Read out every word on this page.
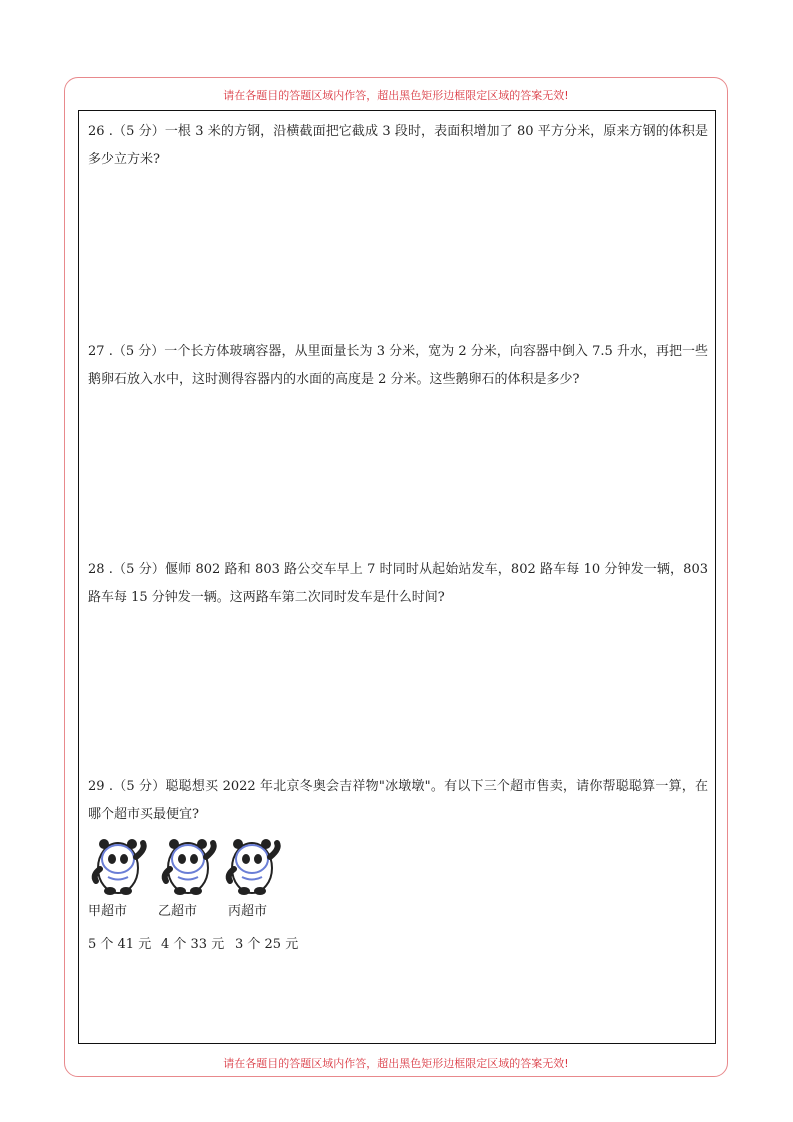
请在各题目的答题区域内作答，超出黑色矩形边框限定区域的答案无效!
26 .（5 分）一根 3 米的方钢，沿横截面把它截成 3 段时，表面积增加了 80 平方分米，原来方钢的体积是多少立方米?
27 .（5 分）一个长方体玻璃容器，从里面量长为 3 分米，宽为 2 分米，向容器中倒入 7.5 升水，再把一些鹅卵石放入水中，这时测得容器内的水面的高度是 2 分米。这些鹅卵石的体积是多少?
28 .（5 分）偃师 802 路和 803 路公交车早上 7 时同时从起始站发车，802 路车每 10 分钟发一辆，803 路车每 15 分钟发一辆。这两路车第二次同时发车是什么时间?
29 .（5 分）聪聪想买 2022 年北京冬奥会吉祥物"冰墩墩"。有以下三个超市售卖，请你帮聪聪算一算，在哪个超市买最便宜?
甲超市 乙超市 丙超市
5 个 41 元 4 个 33 元 3 个 25 元
请在各题目的答题区域内作答，超出黑色矩形边框限定区域的答案无效!
